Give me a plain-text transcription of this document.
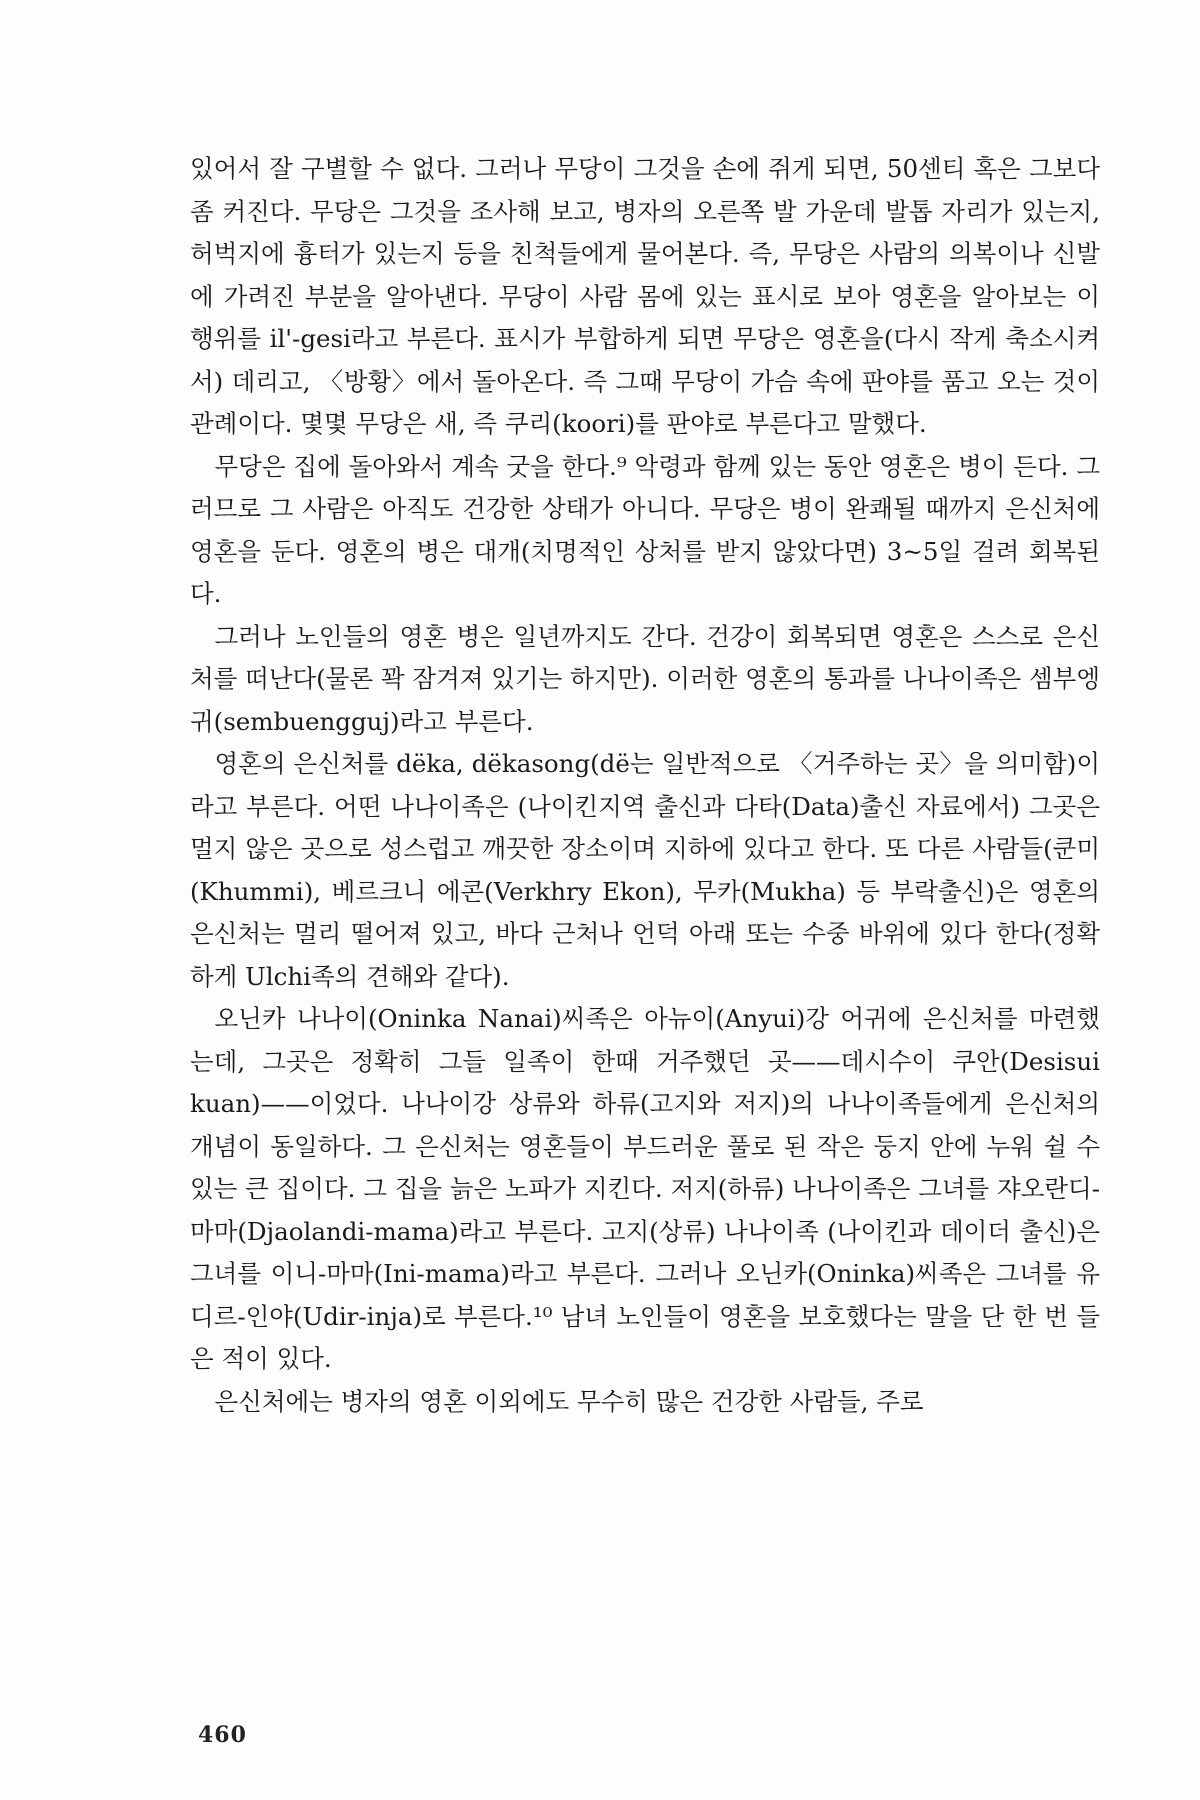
있어서 잘 구별할 수 없다. 그러나 무당이 그것을 손에 쥐게 되면, 50센티 혹은 그보다 좀 커진다. 무당은 그것을 조사해 보고, 병자의 오른쪽 발 가운데 발톱 자리가 있는지, 허벅지에 흉터가 있는지 등을 친척들에게 물어본다. 즉, 무당은 사람의 의복이나 신발에 가려진 부분을 알아낸다. 무당이 사람 몸에 있는 표시로 보아 영혼을 알아보는 이 행위를 il'-gesi라고 부른다. 표시가 부합하게 되면 무당은 영혼을(다시 작게 축소시켜서) 데리고, 〈방황〉에서 돌아온다. 즉 그때 무당이 가슴 속에 판야를 품고 오는 것이 관례이다. 몇몇 무당은 새, 즉 쿠리(koori)를 판야로 부른다고 말했다.

무당은 집에 돌아와서 계속 굿을 한다.⁹ 악령과 함께 있는 동안 영혼은 병이 든다. 그러므로 그 사람은 아직도 건강한 상태가 아니다. 무당은 병이 완쾌될 때까지 은신처에 영혼을 둔다. 영혼의 병은 대개(치명적인 상처를 받지 않았다면) 3~5일 걸려 회복된다.

그러나 노인들의 영혼 병은 일년까지도 간다. 건강이 회복되면 영혼은 스스로 은신처를 떠난다(물론 꽉 잠겨져 있기는 하지만). 이러한 영혼의 통과를 나나이족은 셈부엥귀(sembuengguj)라고 부른다.

영혼의 은신처를 dëka, dëkasong(dë는 일반적으로 〈거주하는 곳〉을 의미함)이라고 부른다. 어떤 나나이족은 (나이킨지역 출신과 다타(Data)출신 자료에서) 그곳은 멀지 않은 곳으로 성스럽고 깨끗한 장소이며 지하에 있다고 한다. 또 다른 사람들(쿤미(Khummi), 베르크니 에콘(Verkhry Ekon), 무카(Mukha) 등 부락출신)은 영혼의 은신처는 멀리 떨어져 있고, 바다 근처나 언덕 아래 또는 수중 바위에 있다 한다(정확하게 Ulchi족의 견해와 같다).

오닌카 나나이(Oninka Nanai)씨족은 아뉴이(Anyui)강 어귀에 은신처를 마련했는데, 그곳은 정확히 그들 일족이 한때 거주했던 곳——데시수이 쿠안(Desisui kuan)——이었다. 나나이강 상류와 하류(고지와 저지)의 나나이족들에게 은신처의 개념이 동일하다. 그 은신처는 영혼들이 부드러운 풀로 된 작은 둥지 안에 누워 쉴 수 있는 큰 집이다. 그 집을 늙은 노파가 지킨다. 저지(하류) 나나이족은 그녀를 쟈오란디-마마(Djaolandi-mama)라고 부른다. 고지(상류) 나나이족 (나이킨과 데이더 출신)은 그녀를 이니-마마(Ini-mama)라고 부른다. 그러나 오닌카(Oninka)씨족은 그녀를 유디르-인야(Udir-inja)로 부른다.¹⁰ 남녀 노인들이 영혼을 보호했다는 말을 단 한 번 들은 적이 있다.

은신처에는 병자의 영혼 이외에도 무수히 많은 건강한 사람들, 주로

460
